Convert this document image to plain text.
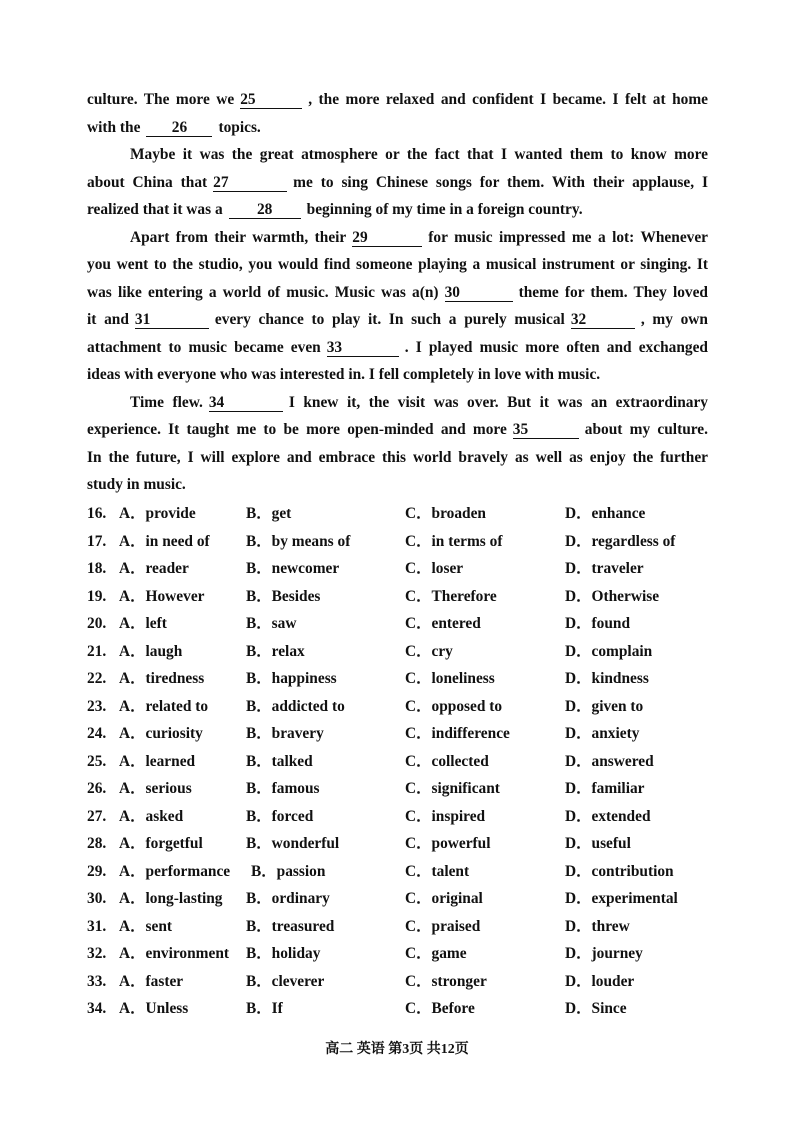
culture. The more we 25	, the more relaxed and confident I became. I felt at home
with the 26 topics.
Maybe it was the great atmosphere or the fact that I wanted them to know more
about China that 27	me to sing Chinese songs for them. With their applause, I
realized that it was a 28 beginning of my time in a foreign country.
Apart from their warmth, their 29	for music impressed me a lot: Whenever
you went to the studio, you would find someone playing a musical instrument or singing. It
was like entering a world of music. Music was a(n) 30	theme for them. They loved
it and 31	every chance to play it. In such a purely musical 32	, my own
attachment to music became even 33	. I played music more often and exchanged
ideas with everyone who was interested in. I fell completely in love with music.
Time flew. 34	I knew it, the visit was over. But it was an extraordinary
experience. It taught me to be more open-minded and more 35	about my culture.
In the future, I will explore and embrace this world bravely as well as enjoy the further
study in music.
16. A．provide	B．get	C．broaden	D．enhance
17. A．in need of B．by means of	C．in terms of	D．regardless of
18. A．reader	B．newcomer	C．loser	D．traveler
19. A．However	B．Besides	C．Therefore	D．Otherwise
20. A．left	B．saw	C．entered	D．found
21. A．laugh	B．relax	C．cry	D．complain
22. A．tiredness	B．happiness	C．loneliness	D．kindness
23. A．related to B．addicted to	C．opposed to	D．given to
24. A．curiosity	B．bravery	C．indifference	D．anxiety
25. A．learned	B．talked	C．collected	D．answered
26. A．serious	B．famous	C．significant	D．familiar
27. A．asked	B．forced	C．inspired	D．extended
28. A．forgetful	B．wonderful	C．powerful	D．useful
29. A．performance B．passion	C．talent	D．contribution
30. A．long-lasting B．ordinary	C．original	D．experimental
31. A．sent	B．treasured	C．praised	D．threw
32. A．environment B．holiday	C．game	D．journey
33. A．faster	B．cleverer	C．stronger	D．louder
34. A．Unless	B．If	C．Before	D．Since
高二 英语 第3页 共12页
